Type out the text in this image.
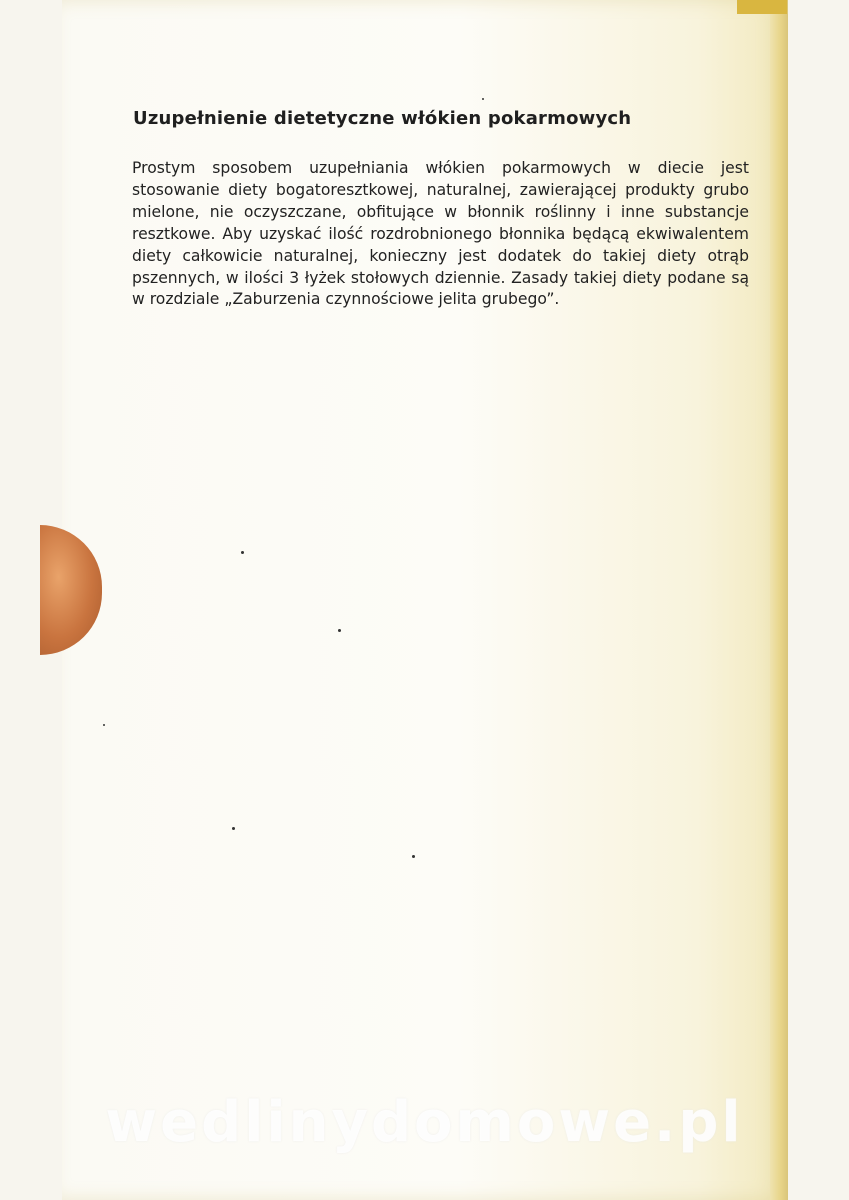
Uzupełnienie dietetyczne włókien pokarmowych

Prostym sposobem uzupełniania włókien pokarmowych w diecie jest stosowanie diety bogatoresztkowej, naturalnej, zawierającej produkty grubo mielone, nie oczyszczane, obfitujące w błonnik roślinny i inne substancje resztkowe. Aby uzyskać ilość rozdrobnionego błonnika będącą ekwiwalentem diety całkowicie naturalnej, konieczny jest dodatek do takiej diety otrąb pszennych, w ilości 3 łyżek stołowych dziennie. Zasady takiej diety podane są w rozdziale „Zaburzenia czynnościowe jelita grubego”.

wedlinydomowe.pl
